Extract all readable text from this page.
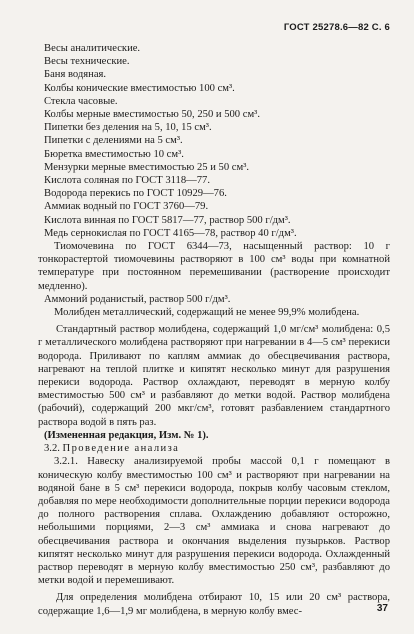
ГОСТ 25278.6—82 С. 6
Весы аналитические.
Весы технические.
Баня водяная.
Колбы конические вместимостью 100 см³.
Стекла часовые.
Колбы мерные вместимостью 50, 250 и 500 см³.
Пипетки без деления на 5, 10, 15 см³.
Пипетки с делениями на 5 см³.
Бюретка вместимостью 10 см³.
Мензурки мерные вместимостью 25 и 50 см³.
Кислота соляная по ГОСТ 3118—77.
Водорода перекись по ГОСТ 10929—76.
Аммиак водный по ГОСТ 3760—79.
Кислота винная по ГОСТ 5817—77, раствор 500 г/дм³.
Медь сернокислая по ГОСТ 4165—78, раствор 40 г/дм³.
Тиомочевина по ГОСТ 6344—73, насыщенный раствор: 10 г тонкорастертой тиомочевины растворяют в 100 см³ воды при комнатной температуре при постоянном перемешивании (растворение происходит медленно).
Аммоний роданистый, раствор 500 г/дм³.
Молибден металлический, содержащий не менее 99,9% молибдена.
Стандартный раствор молибдена, содержащий 1,0 мг/см³ молибдена: 0,5 г металлического молибдена растворяют при нагревании в 4—5 см³ перекиси водорода. Приливают по каплям аммиак до обесцвечивания раствора, нагревают на теплой плитке и кипятят несколько минут для разрушения перекиси водорода. Раствор охлаждают, переводят в мерную колбу вместимостью 500 см³ и разбавляют до метки водой. Раствор молибдена (рабочий), содержащий 200 мкг/см³, готовят разбавлением стандартного раствора водой в пять раз.
(Измененная редакция, Изм. № 1).
3.2. Проведение анализа
3.2.1. Навеску анализируемой пробы массой 0,1 г помещают в коническую колбу вместимостью 100 см³ и растворяют при нагревании на водяной бане в 5 см³ перекиси водорода, покрыв колбу часовым стеклом, добавляя по мере необходимости дополнительные порции перекиси водорода до полного растворения сплава. Охлаждению добавляют осторожно, небольшими порциями, 2—3 см³ аммиака и снова нагревают до обесцвечивания раствора и окончания выделения пузырьков. Раствор кипятят несколько минут для разрушения перекиси водорода. Охлажденный раствор переводят в мерную колбу вместимостью 250 см³, разбавляют до метки водой и перемешивают.
Для определения молибдена отбирают 10, 15 или 20 см³ раствора, содержащие 1,6—1,9 мг молибдена, в мерную колбу вмес-	37
